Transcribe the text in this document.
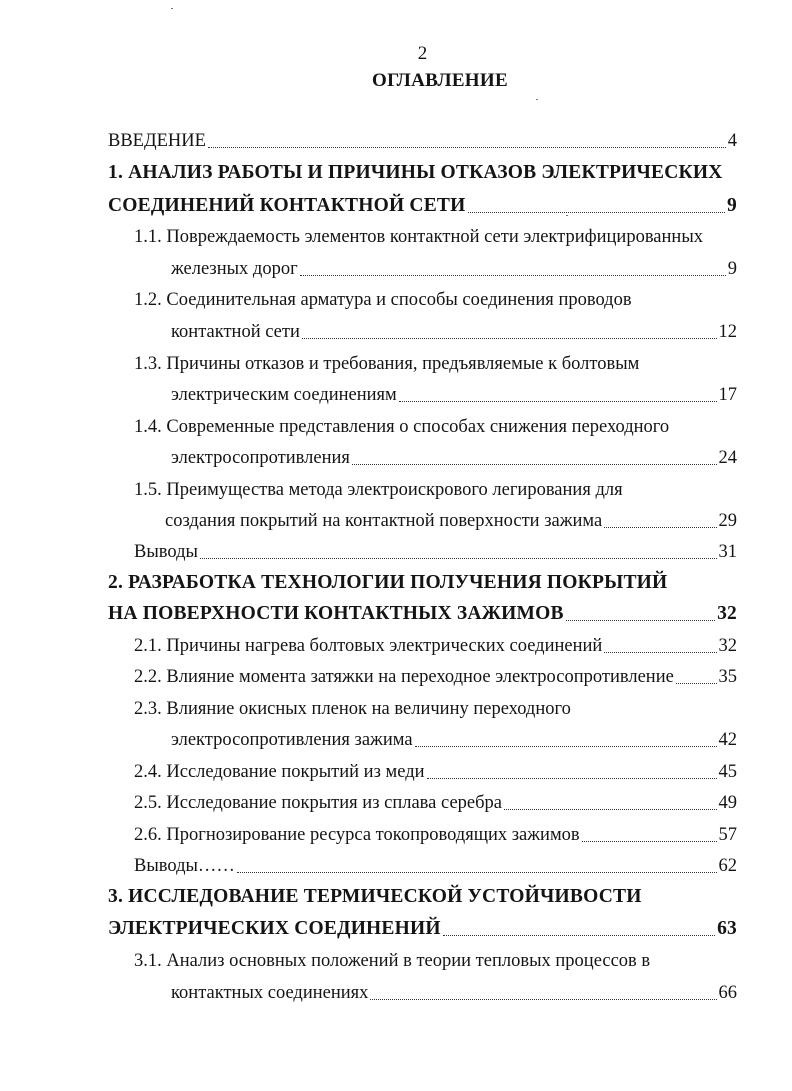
2
ОГЛАВЛЕНИЕ
ВВЕДЕНИЕ	4
1. АНАЛИЗ РАБОТЫ И ПРИЧИНЫ ОТКАЗОВ ЭЛЕКТРИЧЕСКИХ
СОЕДИНЕНИЙ КОНТАКТНОЙ СЕТИ	9
1.1. Повреждаемость элементов контактной сети электрифицированных
железных дорог	9
1.2. Соединительная арматура и способы соединения проводов
контактной сети	12
1.3. Причины отказов и требования, предъявляемые к болтовым
электрическим соединениям	17
1.4. Современные представления о способах снижения переходного
электросопротивления	24
1.5. Преимущества метода электроискрового легирования для
создания покрытий на контактной поверхности зажима	29
Выводы	31
2. РАЗРАБОТКА ТЕХНОЛОГИИ ПОЛУЧЕНИЯ ПОКРЫТИЙ
НА ПОВЕРХНОСТИ КОНТАКТНЫХ ЗАЖИМОВ	32
2.1. Причины нагрева болтовых электрических соединений	32
2.2. Влияние момента затяжки на переходное электросопротивление 35
2.3. Влияние окисных пленок на величину переходного
электросопротивления зажима	42
2.4. Исследование покрытий из меди	45
2.5. Исследование покрытия из сплава серебра	49
2.6. Прогнозирование ресурса токопроводящих зажимов	57
Выводы……	62
3. ИССЛЕДОВАНИЕ ТЕРМИЧЕСКОЙ УСТОЙЧИВОСТИ
ЭЛЕКТРИЧЕСКИХ СОЕДИНЕНИЙ	63
3.1. Анализ основных положений в теории тепловых процессов в
контактных соединениях	66
